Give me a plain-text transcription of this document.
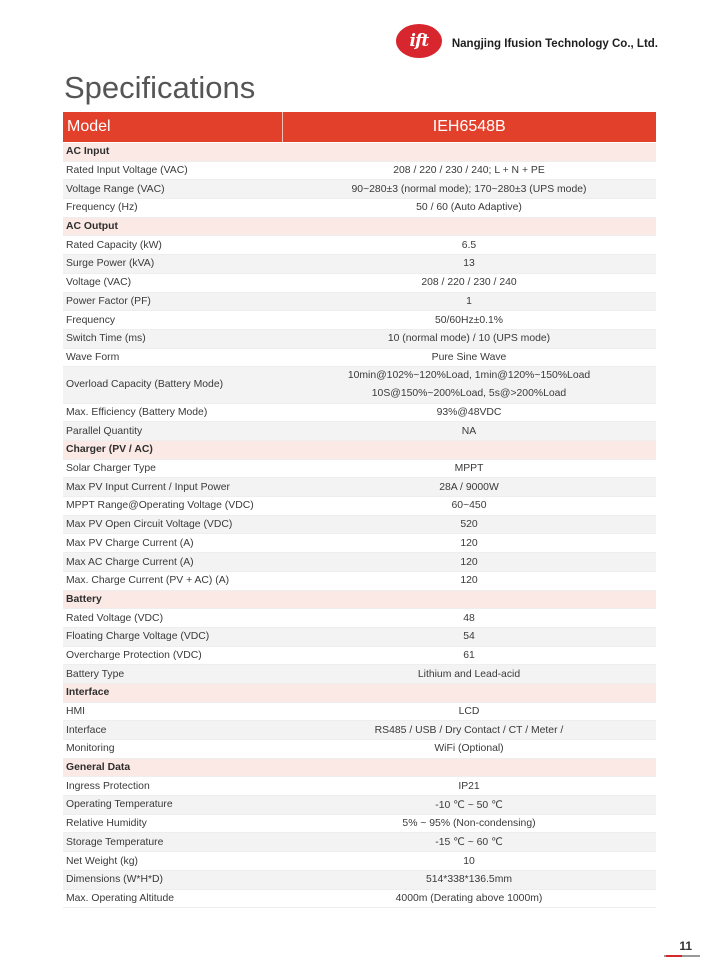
ift	Nangjing Ifusion Technology Co., Ltd.
Specifications
Model	IEH6548B
AC Input	
Rated Input Voltage (VAC)	208 / 220 / 230 / 240; L + N + PE
Voltage Range (VAC)	90~280±3 (normal mode); 170~280±3 (UPS mode)
Frequency (Hz)	50 / 60 (Auto Adaptive)
AC Output	
Rated Capacity (kW)	6.5
Surge Power (kVA)	13
Voltage (VAC)	208 / 220 / 230 / 240
Power Factor (PF)	1
Frequency	50/60Hz±0.1%
Switch Time (ms)	10 (normal mode) / 10 (UPS mode)
Wave Form	Pure Sine Wave
Overload Capacity (Battery Mode)	10min@102%~120%Load, 1min@120%~150%Load
10S@150%~200%Load, 5s@>200%Load

Max. Efficiency (Battery Mode)	93%@48VDC
Parallel Quantity	NA
Charger (PV / AC)	
Solar Charger Type	MPPT
Max PV Input Current / Input Power	28A / 9000W
MPPT Range@Operating Voltage (VDC)	60~450
Max PV Open Circuit Voltage (VDC)	520
Max PV Charge Current (A)	120
Max AC Charge Current (A)	120
Max. Charge Current (PV + AC) (A)	120
Battery	
Rated Voltage (VDC)	48
Floating Charge Voltage (VDC)	54
Overcharge Protection (VDC)	61
Battery Type	Lithium and Lead-acid
Interface	
HMI	LCD
Interface	RS485 / USB / Dry Contact / CT / Meter /
Monitoring	WiFi (Optional)
General Data	
Ingress Protection	IP21
Operating Temperature	-10 ℃ ~ 50 ℃
Relative Humidity	5% ~ 95% (Non-condensing)
Storage Temperature	-15 ℃ ~ 60 ℃
Net Weight (kg)	10
Dimensions (W*H*D)	514*338*136.5mm
Max. Operating Altitude	4000m (Derating above 1000m)
11
